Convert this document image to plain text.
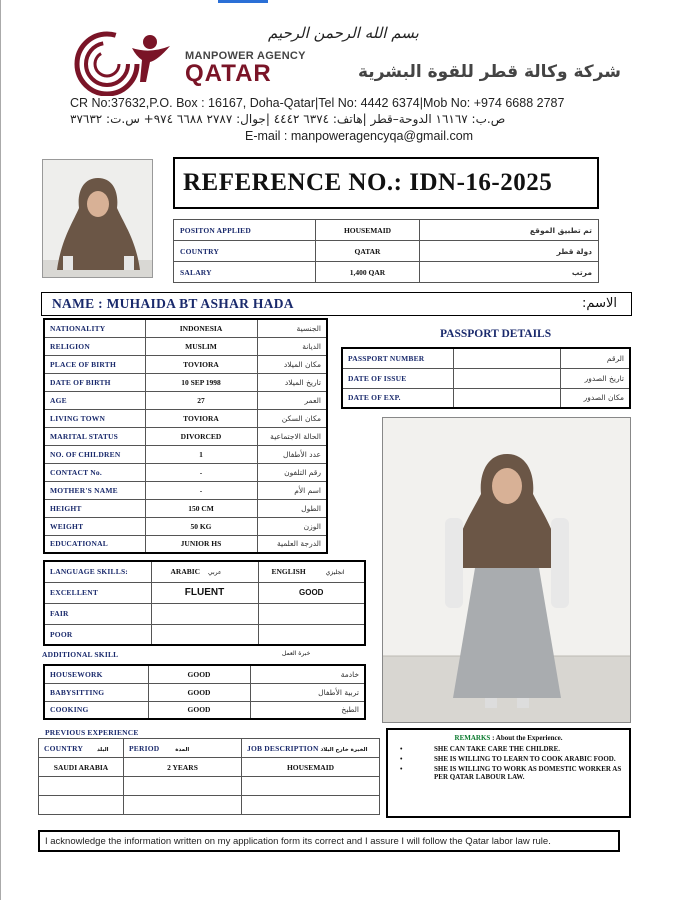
بسم الله الرحمن الرحيم
MANPOWER AGENCY
QATAR	شركة وكالة قطر للقوة البشرية
CR No:37632,P.O. Box : 16167, Doha-Qatar|Tel No: 4442 6374|Mob No: +974 6688 2787
ص.ب: ١٦١٦٧ الدوحة–قطر |هاتف: ٦٣٧٤ ٤٤٤٢ |جوال: ٢٧٨٧ ٦٦٨٨ ٩٧٤+ س.ت: ٣٧٦٣٢
E-mail : manpoweragencyqa@gmail.com
REFERENCE NO.: IDN-16-2025
POSITON APPLIED	HOUSEMAID	تم تطبيق الموقع
COUNTRY	QATAR	دولة قطر
SALARY	1,400 QAR	مرتب
NAME : MUHAIDA BT ASHAR HADA	الاسم:
NATIONALITY	INDONESIA	الجنسية
RELIGION	MUSLIM	الديانة
PLACE OF BIRTH	TOVIORA	مكان الميلاد
DATE OF BIRTH	10 SEP 1998	تاريخ الميلاد
AGE	27	العمر
LIVING TOWN	TOVIORA	مكان السكن
MARITAL STATUS	DIVORCED	الحالة الاجتماعية
NO. OF CHILDREN	1	عدد الأطفال
CONTACT No.	-	رقم التلفون
MOTHER'S NAME	-	اسم الأم
HEIGHT	150 CM	الطول
WEIGHT	50 KG	الوزن
EDUCATIONAL	JUNIOR HS	الدرجة العلمية
PASSPORT DETAILS
PASSPORT NUMBER		الرقم
DATE OF ISSUE		تاريخ الصدور
DATE OF EXP.		مكان الصدور
LANGUAGE SKILLS:	ARABIC عربي	ENGLISH انجليزي
EXCELLENT	FLUENT	GOOD
FAIR		
POOR		
ADDITIONAL SKILL	خبرة العمل
HOUSEWORK	GOOD	خادمة
BABYSITTING	GOOD	تربية الأطفال
COOKING	GOOD	الطبخ
PREVIOUS EXPERIENCE
COUNTRY البلد	PERIOD المدة	JOB DESCRIPTION الخبرة خارج البلاد
SAUDI ARABIA	2 YEARS	HOUSEMAID

REMARKS : About the Experience.
•	SHE CAN TAKE CARE THE CHILDRE.
•	SHE IS WILLING TO LEARN TO COOK ARABIC FOOD.
•	SHE IS WILLING TO WORK AS DOMESTIC WORKER AS PER QATAR LABOUR LAW.
I acknowledge the information written on my application form its correct and I assure I will follow the Qatar labor law rule.
